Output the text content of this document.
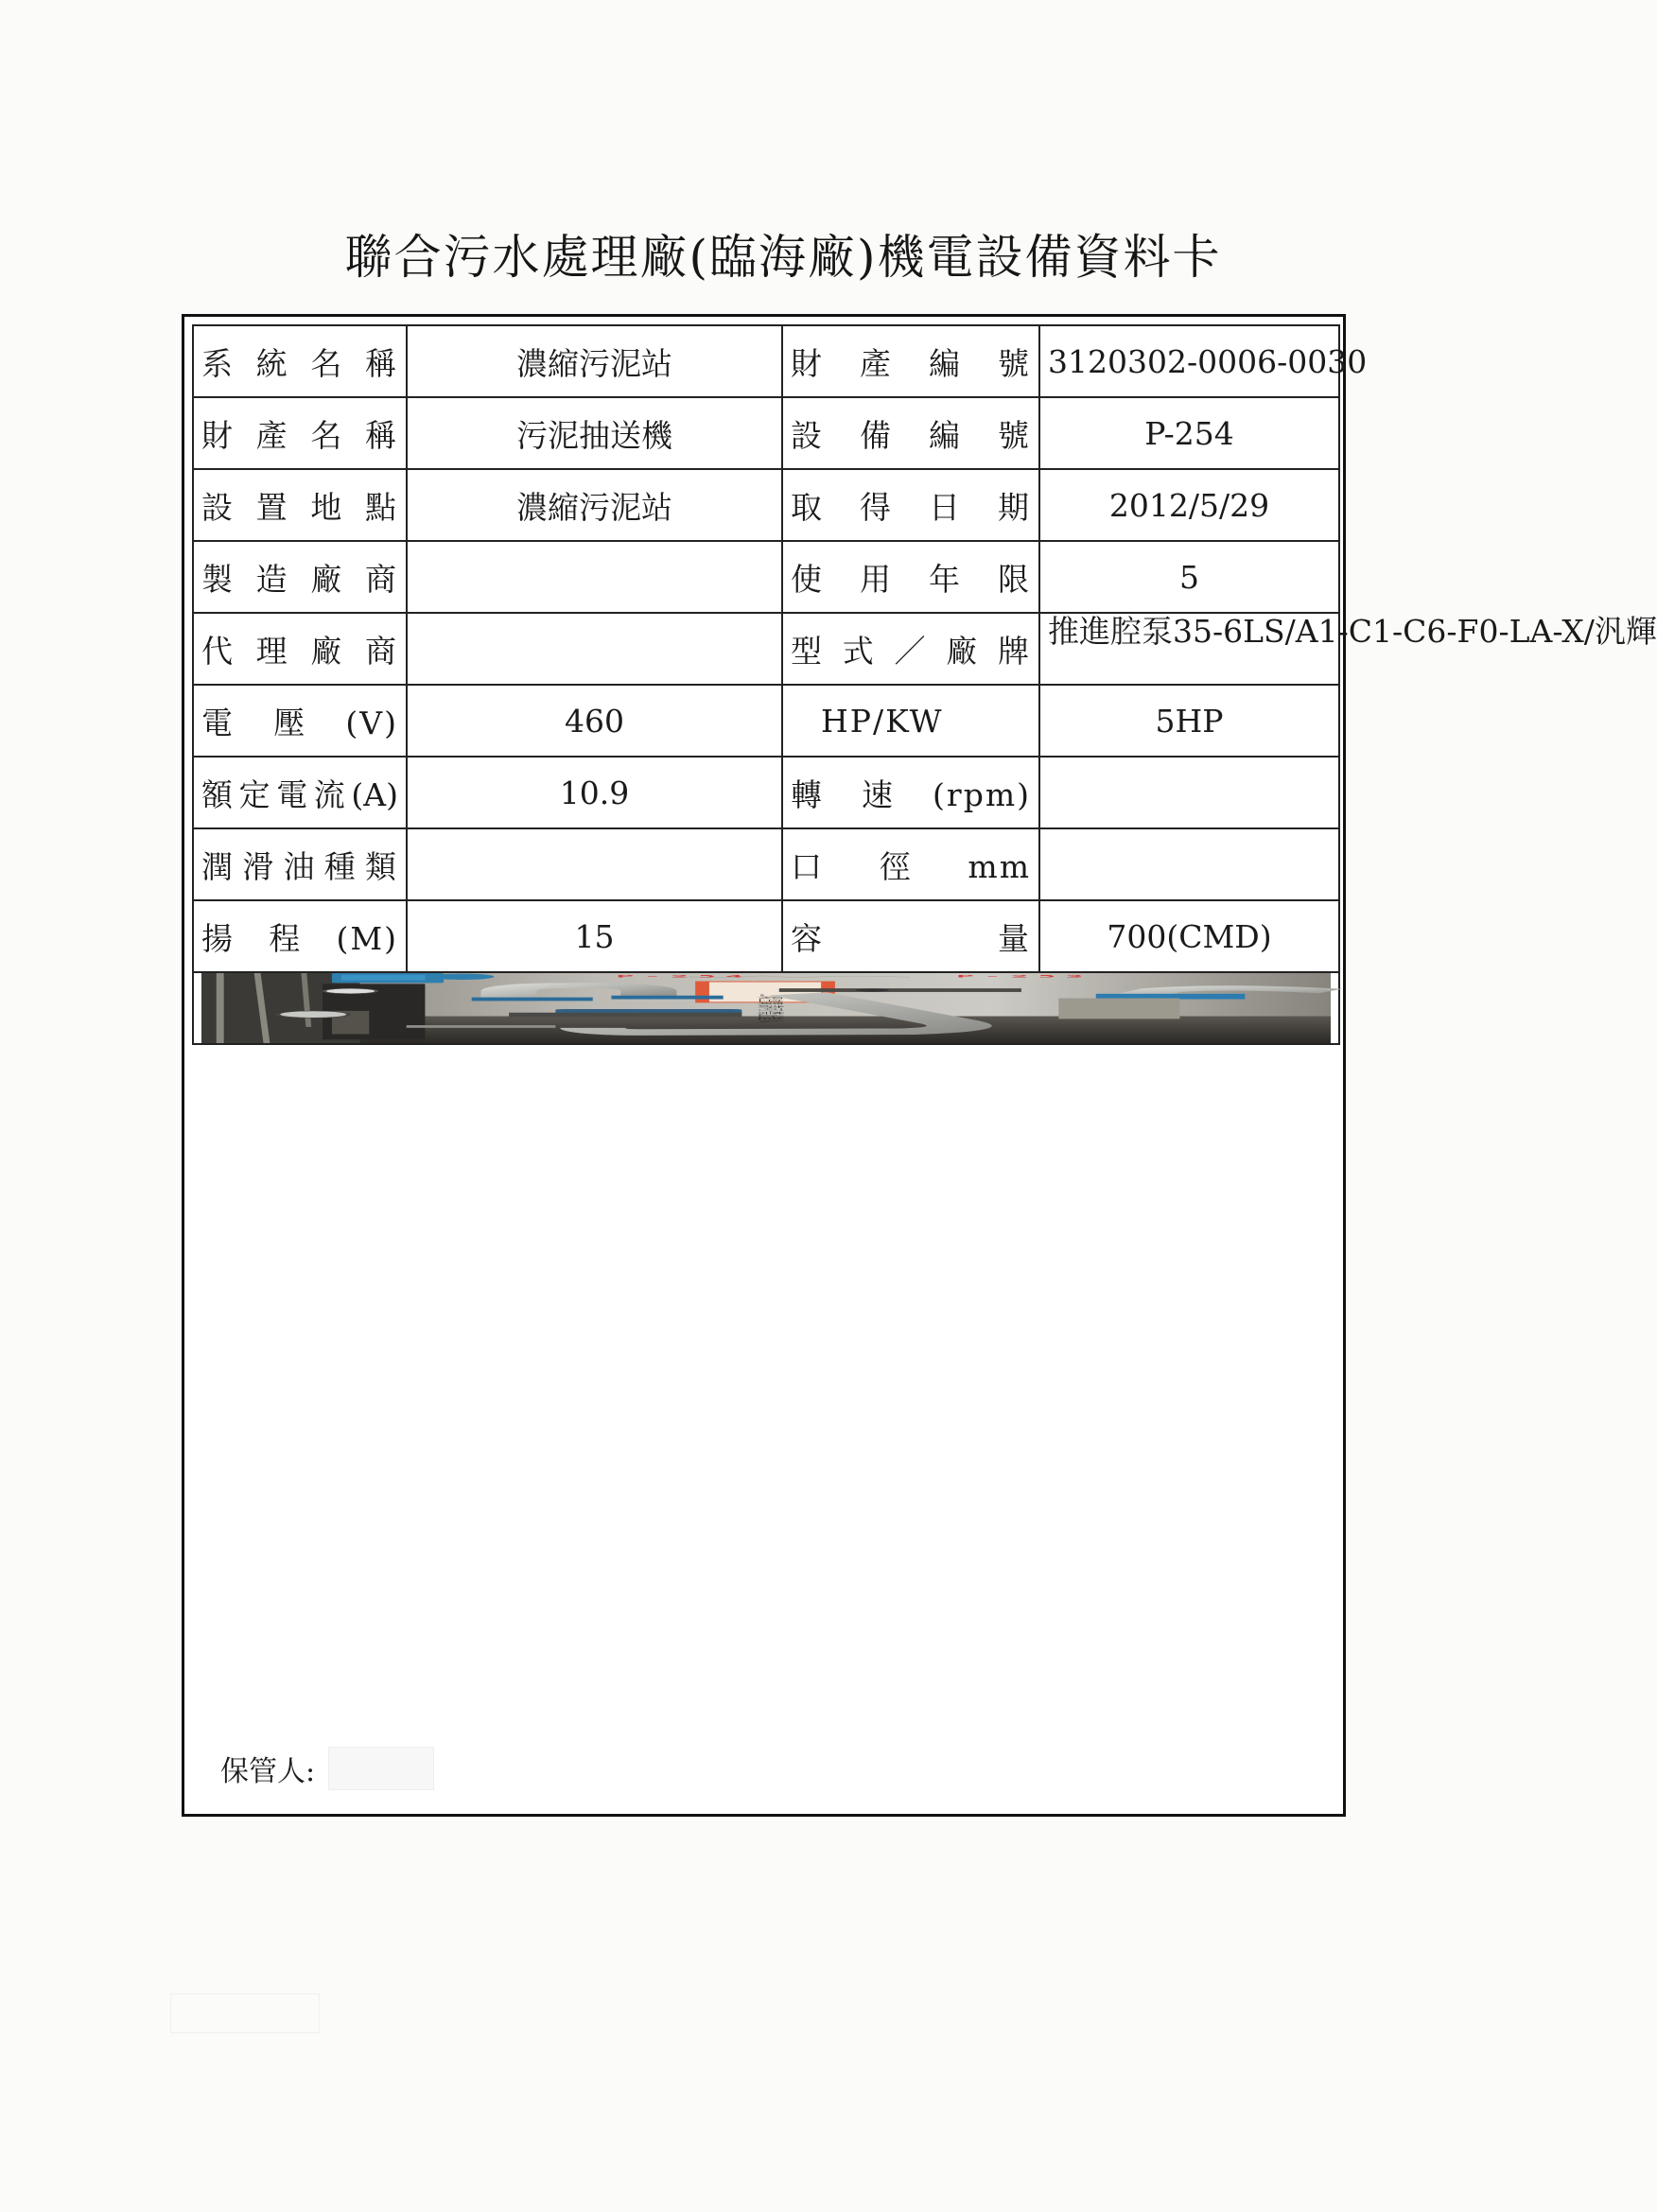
聯合污水處理廠(臨海廠)機電設備資料卡
系統名稱	濃縮污泥站	財產編號	3120302-0006-0030
財產名稱	污泥抽送機	設備編號	P-254
設置地點	濃縮污泥站	取得日期	2012/5/29
製造廠商		使用年限	5
代理廠商		型式／廠牌	推進腔泵35-6LS/A1-C1-C6-F0-LA-X/汎輝
電壓(V)	460	HP/KW	5HP
額定電流(A)	10.9	轉速(rpm)	
潤滑油種類		口 徑 mm	
揚程(M)	15	容量	700(CMD)

…吸空間 許可‧禁止進入
P-254 P-253			
保管人:
